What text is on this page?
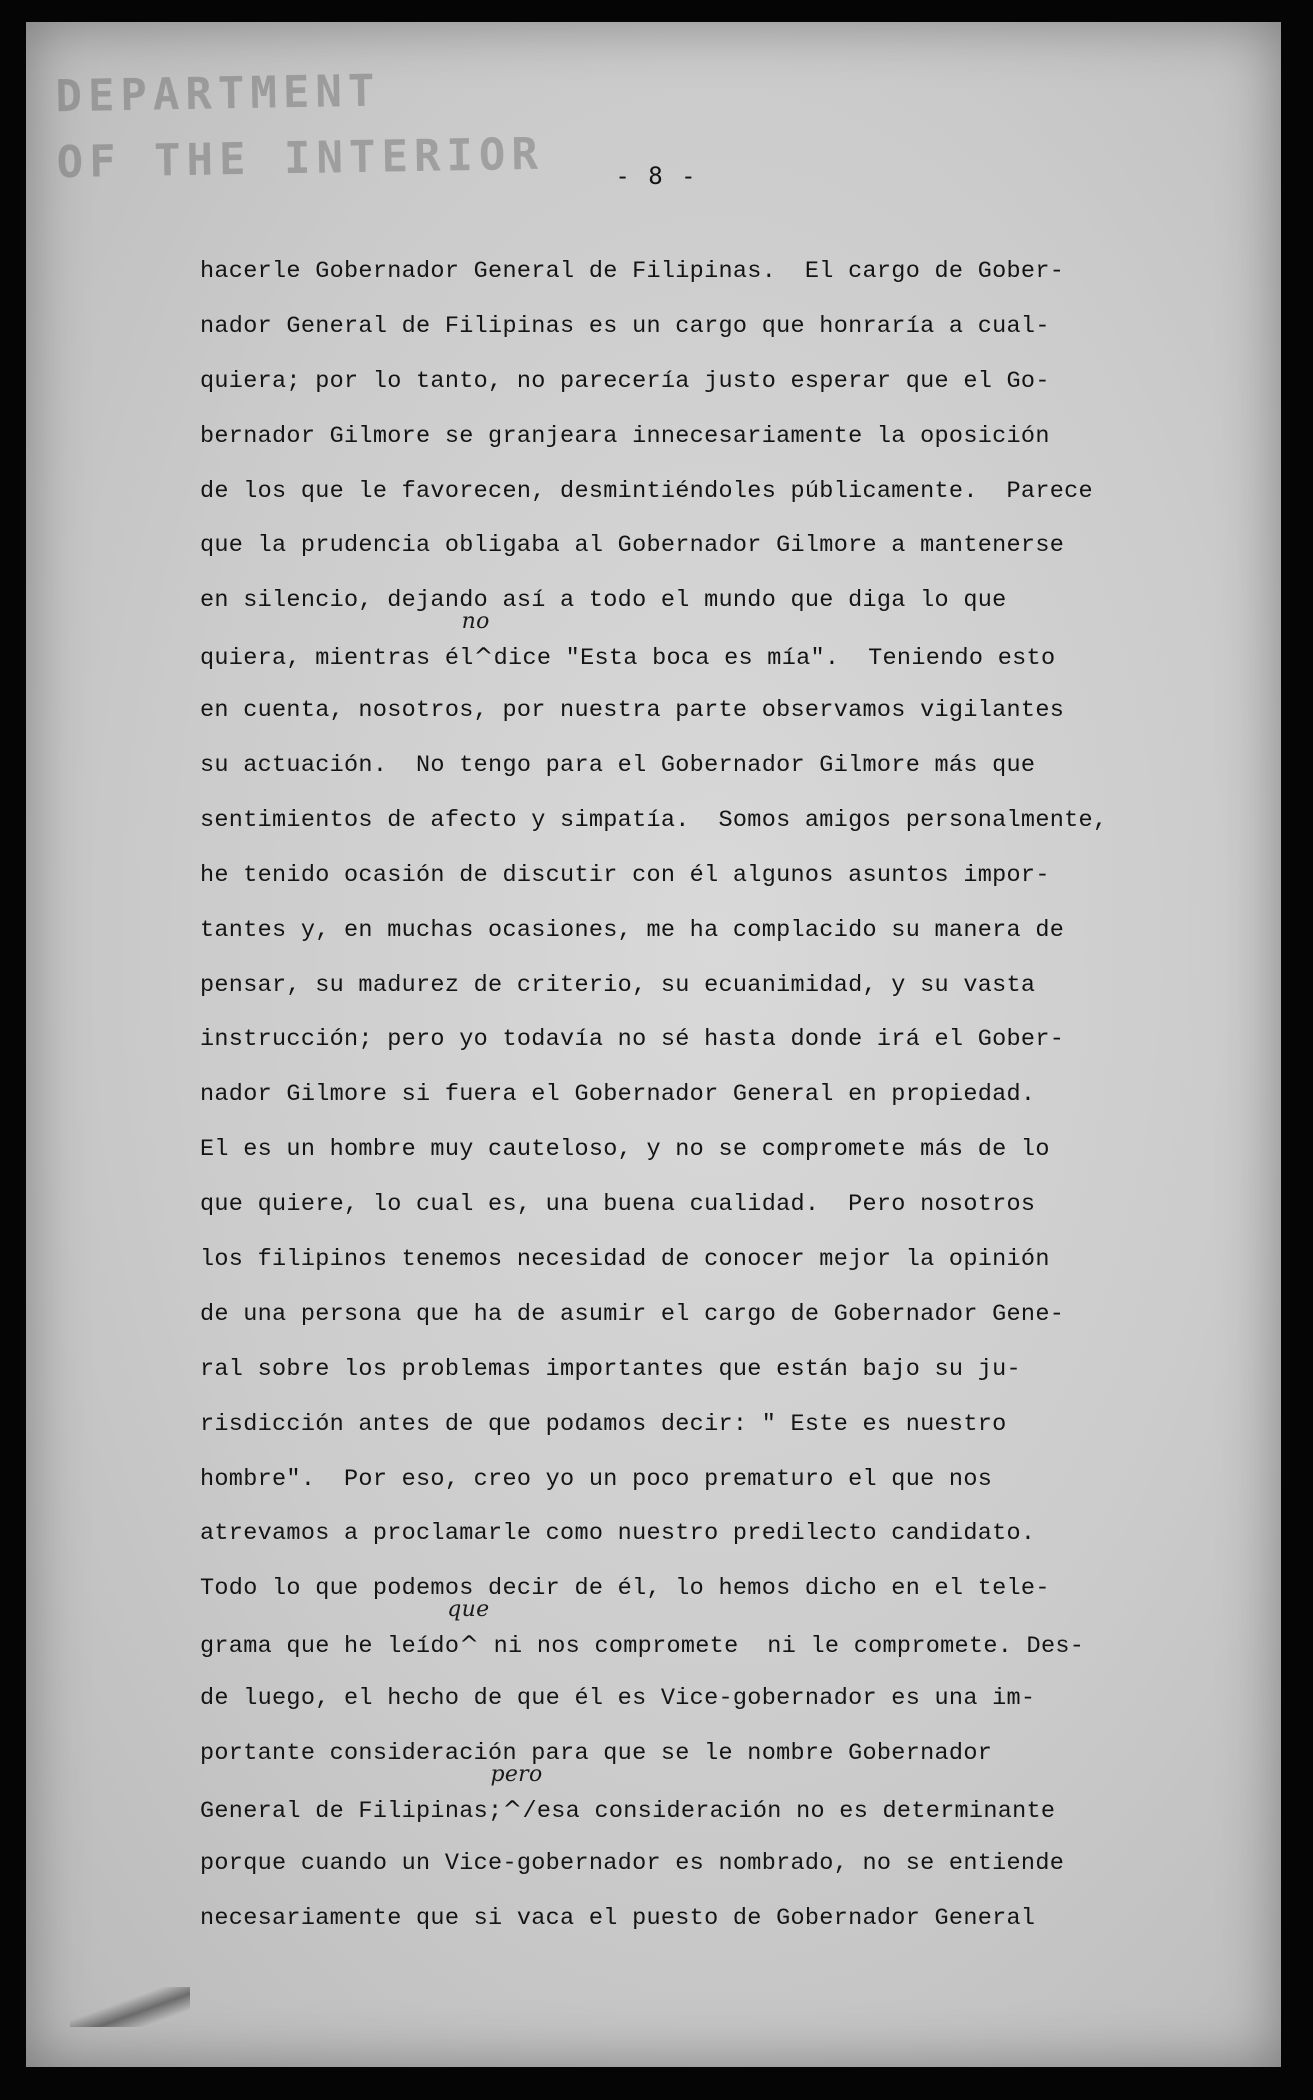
DEPARTMENT
OF THE INTERIOR	- 8 -
hacerle Gobernador General de Filipinas.  El cargo de Gober-
nador General de Filipinas es un cargo que honraría a cual-
quiera; por lo tanto, no parecería justo esperar que el Go-
bernador Gilmore se granjeara innecesariamente la oposición
de los que le favorecen, desmintiéndoles públicamente.  Parece
que la prudencia obligaba al Gobernador Gilmore a mantenerse
en silencio, dejando así a todo el mundo que diga lo que
quiera, mientras él^
no
dice "Esta boca es mía".  Teniendo esto
en cuenta, nosotros, por nuestra parte observamos vigilantes
su actuación.  No tengo para el Gobernador Gilmore más que
sentimientos de afecto y simpatía.  Somos amigos personalmente,
he tenido ocasión de discutir con él algunos asuntos impor-
tantes y, en muchas ocasiones, me ha complacido su manera de
pensar, su madurez de criterio, su ecuanimidad, y su vasta
instrucción; pero yo todavía no sé hasta donde irá el Gober-
nador Gilmore si fuera el Gobernador General en propiedad.
El es un hombre muy cauteloso, y no se compromete más de lo
que quiere, lo cual es, una buena cualidad.  Pero nosotros
los filipinos tenemos necesidad de conocer mejor la opinión
de una persona que ha de asumir el cargo de Gobernador Gene-
ral sobre los problemas importantes que están bajo su ju-
risdicción antes de que podamos decir: " Este es nuestro
hombre".  Por eso, creo yo un poco prematuro el que nos
atrevamos a proclamarle como nuestro predilecto candidato.
Todo lo que podemos decir de él, lo hemos dicho en el tele-
grama que he leído^
que
ni nos compromete  ni le compromete. Des-
de luego, el hecho de que él es Vice-gobernador es una im-
portante consideración para que se le nombre Gobernador
General de Filipinas;^
pero
/esa consideración no es determinante
porque cuando un Vice-gobernador es nombrado, no se entiende
necesariamente que si vaca el puesto de Gobernador General
